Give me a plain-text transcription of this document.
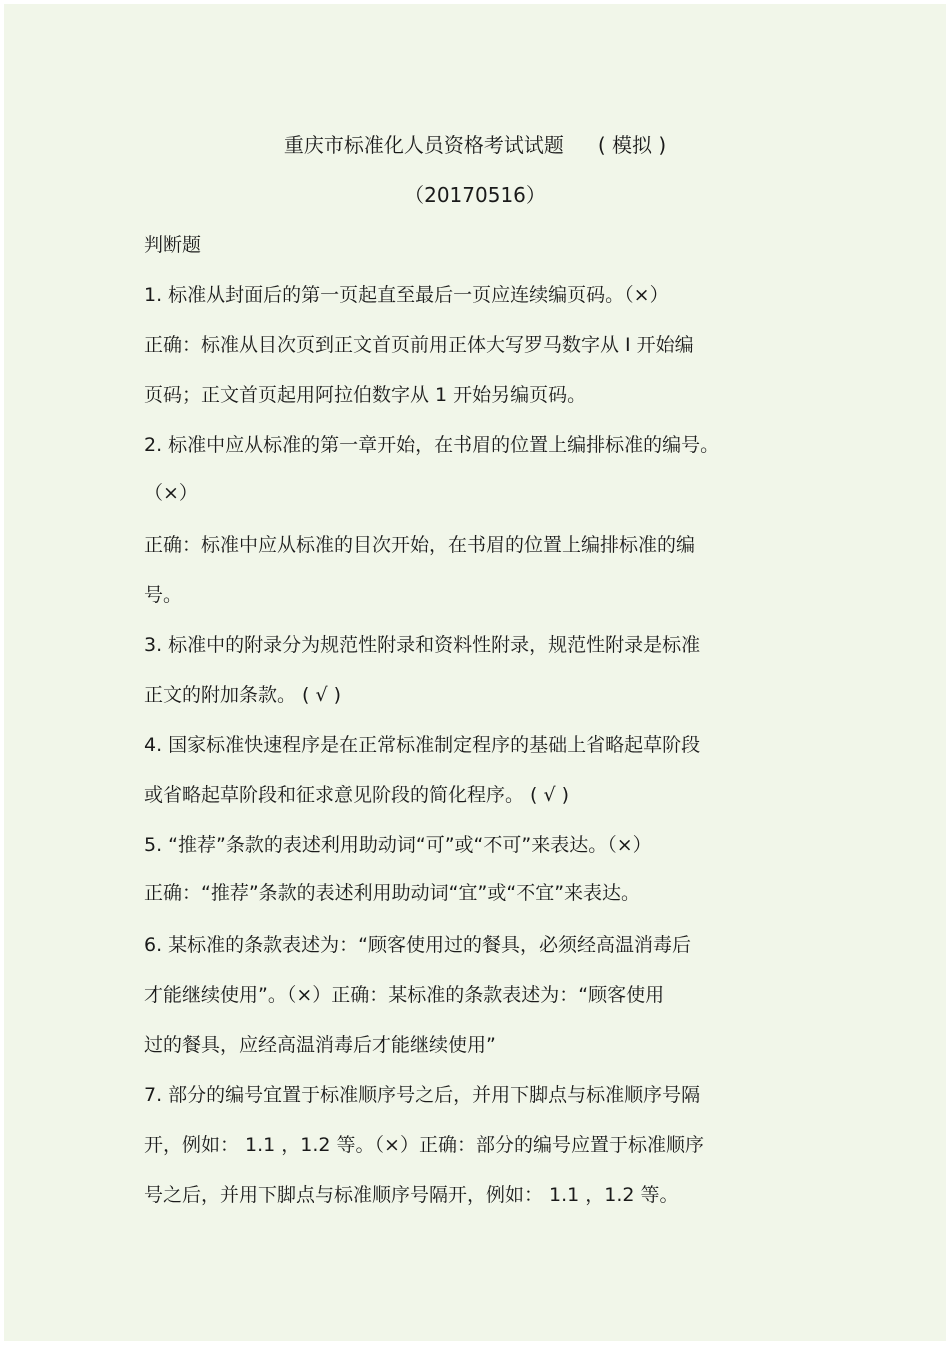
重庆市标准化人员资格考试试题 ( 模拟 )
（20170516）
判断题
1. 标准从封面后的第一页起直至最后一页应连续编页码。（×）
正确：标准从目次页到正文首页前用正体大写罗马数字从 I 开始编
页码；正文首页起用阿拉伯数字从 1 开始另编页码。
2. 标准中应从标准的第一章开始，在书眉的位置上编排标准的编号。
（×）
正确：标准中应从标准的目次开始，在书眉的位置上编排标准的编
号。
3. 标准中的附录分为规范性附录和资料性附录，规范性附录是标准
正文的附加条款。 ( √ )
4. 国家标准快速程序是在正常标准制定程序的基础上省略起草阶段
或省略起草阶段和征求意见阶段的简化程序。 ( √ )
5. “推荐”条款的表述利用助动词“可”或“不可”来表达。（×）
正确：“推荐”条款的表述利用助动词“宜”或“不宜”来表达。
6. 某标准的条款表述为：“顾客使用过的餐具，必须经高温消毒后
才能继续使用”。（×）正确：某标准的条款表述为：“顾客使用
过的餐具，应经高温消毒后才能继续使用”
7. 部分的编号宜置于标准顺序号之后，并用下脚点与标准顺序号隔
开，例如： 1.1 ，1.2 等。（×）正确：部分的编号应置于标准顺序
号之后，并用下脚点与标准顺序号隔开，例如： 1.1 ，1.2 等。
